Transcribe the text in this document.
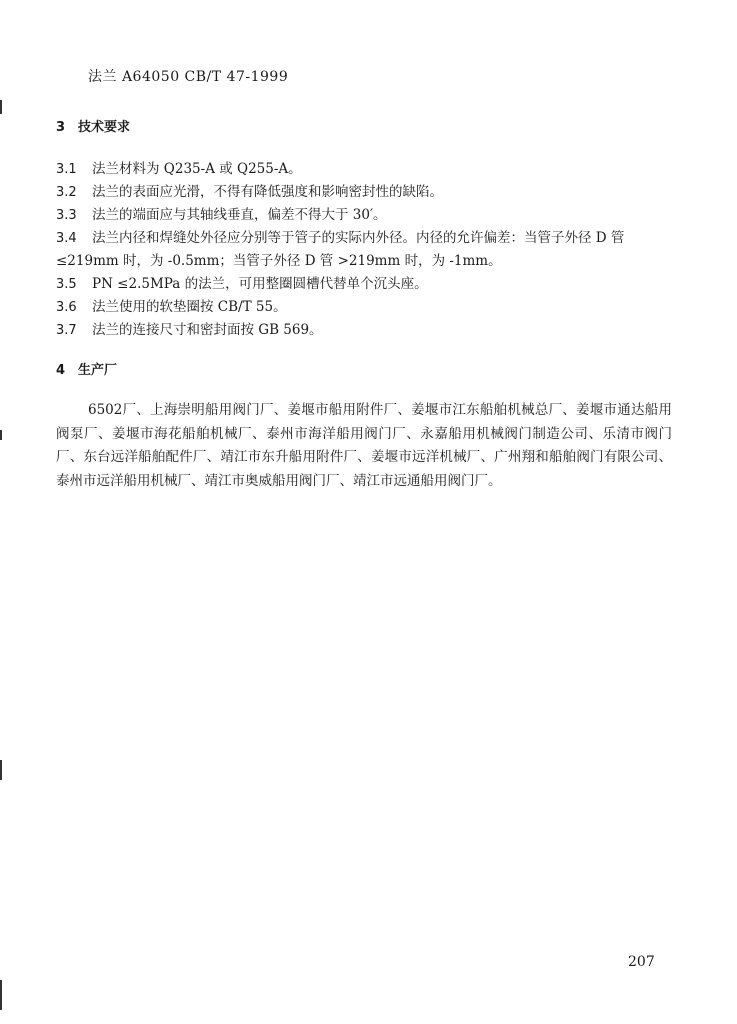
法兰 A64050 CB/T 47-1999
3 技术要求
3.1 法兰材料为 Q235-A 或 Q255-A。
3.2 法兰的表面应光滑，不得有降低强度和影响密封性的缺陷。
3.3 法兰的端面应与其轴线垂直，偏差不得大于 30′。
3.4 法兰内径和焊缝处外径应分别等于管子的实际内外径。内径的允许偏差：当管子外径 D 管
≤219mm 时，为 -0.5mm；当管子外径 D 管 >219mm 时，为 -1mm。
3.5 PN ≤2.5MPa 的法兰，可用整圈圆槽代替单个沉头座。
3.6 法兰使用的软垫圈按 CB/T 55。
3.7 法兰的连接尺寸和密封面按 GB 569。
4 生产厂
6502厂、上海崇明船用阀门厂、姜堰市船用附件厂、姜堰市江东船舶机械总厂、姜堰市通达船用阀泵厂、姜堰市海花船舶机械厂、泰州市海洋船用阀门厂、永嘉船用机械阀门制造公司、乐清市阀门厂、东台远洋船舶配件厂、靖江市东升船用附件厂、姜堰市远洋机械厂、广州翔和船舶阀门有限公司、泰州市远洋船用机械厂、靖江市奥威船用阀门厂、靖江市远通船用阀门厂。
207
